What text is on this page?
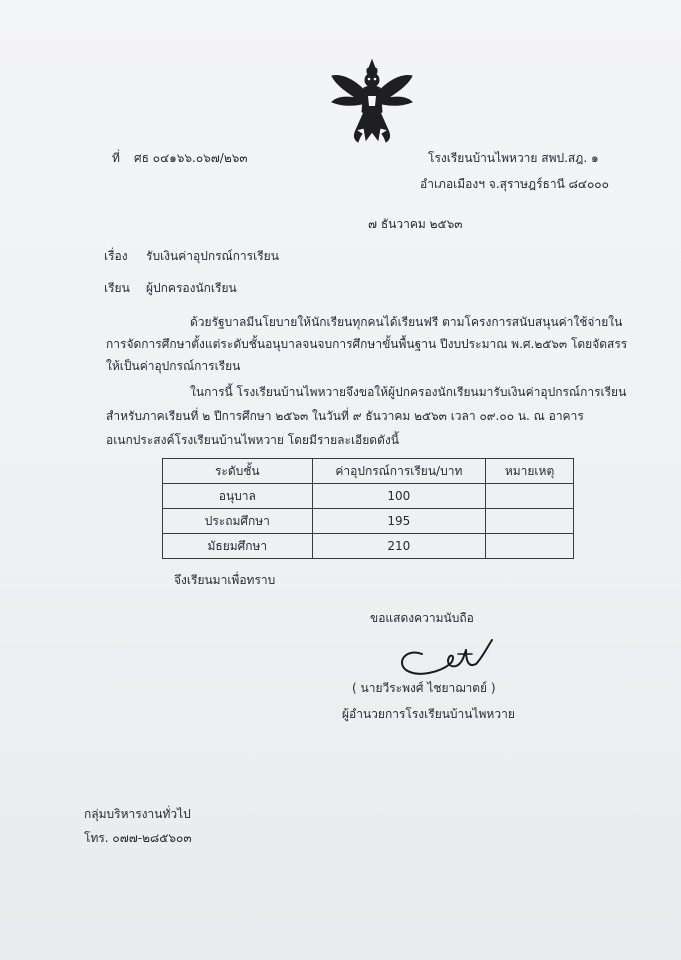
ที่ ศธ ๐๔๑๖๖.๐๖๗/๒๖๓	โรงเรียนบ้านไพหวาย สพป.สฎ. ๑
อำเภอเมืองฯ จ.สุราษฎร์ธานี ๘๔๐๐๐
๗ ธันวาคม ๒๕๖๓
เรื่อง รับเงินค่าอุปกรณ์การเรียน
เรียน ผู้ปกครองนักเรียน
ด้วยรัฐบาลมีนโยบายให้นักเรียนทุกคนได้เรียนฟรี ตามโครงการสนับสนุนค่าใช้จ่ายใน
การจัดการศึกษาตั้งแต่ระดับชั้นอนุบาลจนจบการศึกษาขั้นพื้นฐาน ปีงบประมาณ พ.ศ.๒๕๖๓ โดยจัดสรร
ให้เป็นค่าอุปกรณ์การเรียน
ในการนี้ โรงเรียนบ้านไพหวายจึงขอให้ผู้ปกครองนักเรียนมารับเงินค่าอุปกรณ์การเรียน
สำหรับภาคเรียนที่ ๒ ปีการศึกษา ๒๕๖๓ ในวันที่ ๙ ธันวาคม ๒๕๖๓ เวลา ๐๙.๐๐ น. ณ อาคาร
อเนกประสงค์โรงเรียนบ้านไพหวาย โดยมีรายละเอียดดังนี้
ระดับชั้น	ค่าอุปกรณ์การเรียน/บาท	หมายเหตุ
อนุบาล	100	
ประถมศึกษา	195	
มัธยมศึกษา	210	
จึงเรียนมาเพื่อทราบ
ขอแสดงความนับถือ
( นายวีระพงศ์ ไชยาฌาตย์ )
ผู้อำนวยการโรงเรียนบ้านไพหวาย
กลุ่มบริหารงานทั่วไป
โทร. ๐๗๗-๒๘๕๖๐๓
